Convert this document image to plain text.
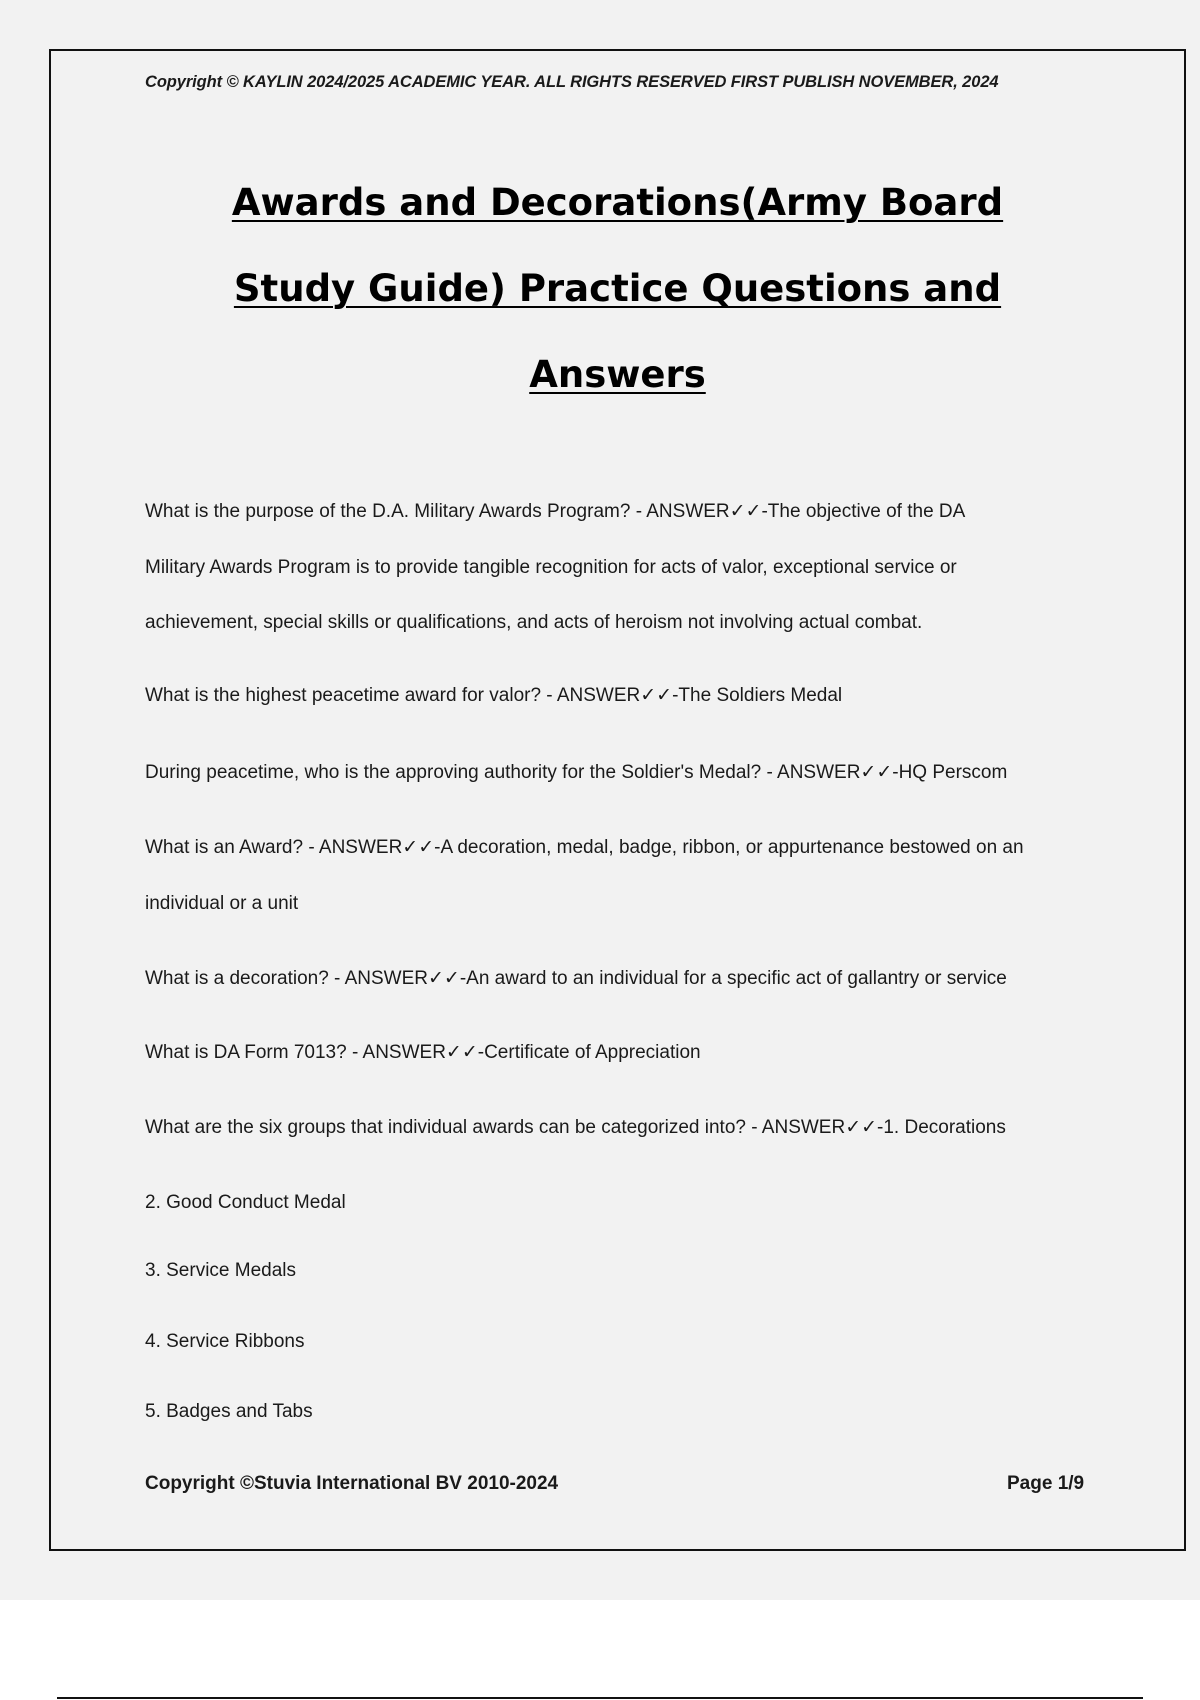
Copyright © KAYLIN 2024/2025 ACADEMIC YEAR. ALL RIGHTS RESERVED FIRST PUBLISH NOVEMBER, 2024
Awards and Decorations(Army Board
Study Guide) Practice Questions and
Answers

What is the purpose of the D.A. Military Awards Program? - ANSWER✓✓-The objective of the DA

Military Awards Program is to provide tangible recognition for acts of valor, exceptional service or

achievement, special skills or qualifications, and acts of heroism not involving actual combat.

What is the highest peacetime award for valor? - ANSWER✓✓-The Soldiers Medal

During peacetime, who is the approving authority for the Soldier's Medal? - ANSWER✓✓-HQ Perscom

What is an Award? - ANSWER✓✓-A decoration, medal, badge, ribbon, or appurtenance bestowed on an

individual or a unit

What is a decoration? - ANSWER✓✓-An award to an individual for a specific act of gallantry or service

What is DA Form 7013? - ANSWER✓✓-Certificate of Appreciation

What are the six groups that individual awards can be categorized into? - ANSWER✓✓-1. Decorations

2. Good Conduct Medal

3. Service Medals

4. Service Ribbons

5. Badges and Tabs

Copyright ©Stuvia International BV 2010-2024	Page 1/9
